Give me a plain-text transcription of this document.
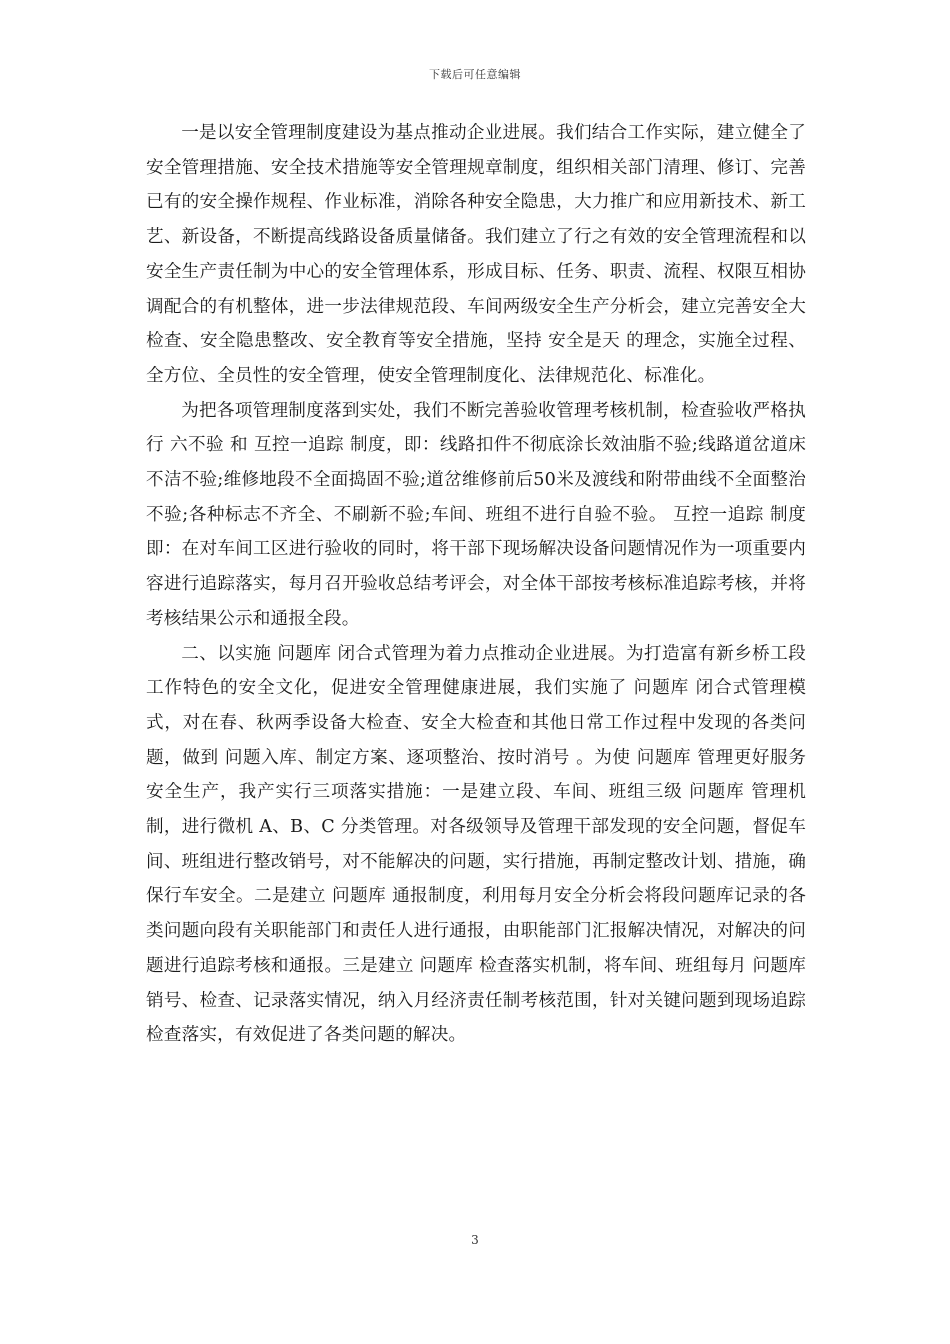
下载后可任意编辑

一是以安全管理制度建设为基点推动企业进展。我们结合工作实际，建立健全了安全管理措施、安全技术措施等安全管理规章制度，组织相关部门清理、修订、完善已有的安全操作规程、作业标准，消除各种安全隐患，大力推广和应用新技术、新工艺、新设备，不断提高线路设备质量储备。我们建立了行之有效的安全管理流程和以安全生产责任制为中心的安全管理体系，形成目标、任务、职责、流程、权限互相协调配合的有机整体，进一步法律规范段、车间两级安全生产分析会，建立完善安全大检查、安全隐患整改、安全教育等安全措施，坚持 安全是天 的理念，实施全过程、全方位、全员性的安全管理，使安全管理制度化、法律规范化、标准化。

为把各项管理制度落到实处，我们不断完善验收管理考核机制，检查验收严格执行 六不验 和 互控一追踪 制度，即：线路扣件不彻底涂长效油脂不验;线路道岔道床不洁不验;维修地段不全面捣固不验;道岔维修前后50米及渡线和附带曲线不全面整治不验;各种标志不齐全、不刷新不验;车间、班组不进行自验不验。 互控一追踪 制度即：在对车间工区进行验收的同时，将干部下现场解决设备问题情况作为一项重要内容进行追踪落实，每月召开验收总结考评会，对全体干部按考核标准追踪考核，并将考核结果公示和通报全段。

二、以实施 问题库 闭合式管理为着力点推动企业进展。为打造富有新乡桥工段工作特色的安全文化，促进安全管理健康进展，我们实施了 问题库 闭合式管理模式，对在春、秋两季设备大检查、安全大检查和其他日常工作过程中发现的各类问题，做到 问题入库、制定方案、逐项整治、按时消号 。为使 问题库 管理更好服务安全生产，我产实行三项落实措施：一是建立段、车间、班组三级 问题库 管理机制，进行微机 A、B、C 分类管理。对各级领导及管理干部发现的安全问题，督促车间、班组进行整改销号，对不能解决的问题，实行措施，再制定整改计划、措施，确保行车安全。二是建立 问题库 通报制度，利用每月安全分析会将段问题库记录的各类问题向段有关职能部门和责任人进行通报，由职能部门汇报解决情况，对解决的问题进行追踪考核和通报。三是建立 问题库 检查落实机制，将车间、班组每月 问题库 销号、检查、记录落实情况，纳入月经济责任制考核范围，针对关键问题到现场追踪检查落实，有效促进了各类问题的解决。

3
